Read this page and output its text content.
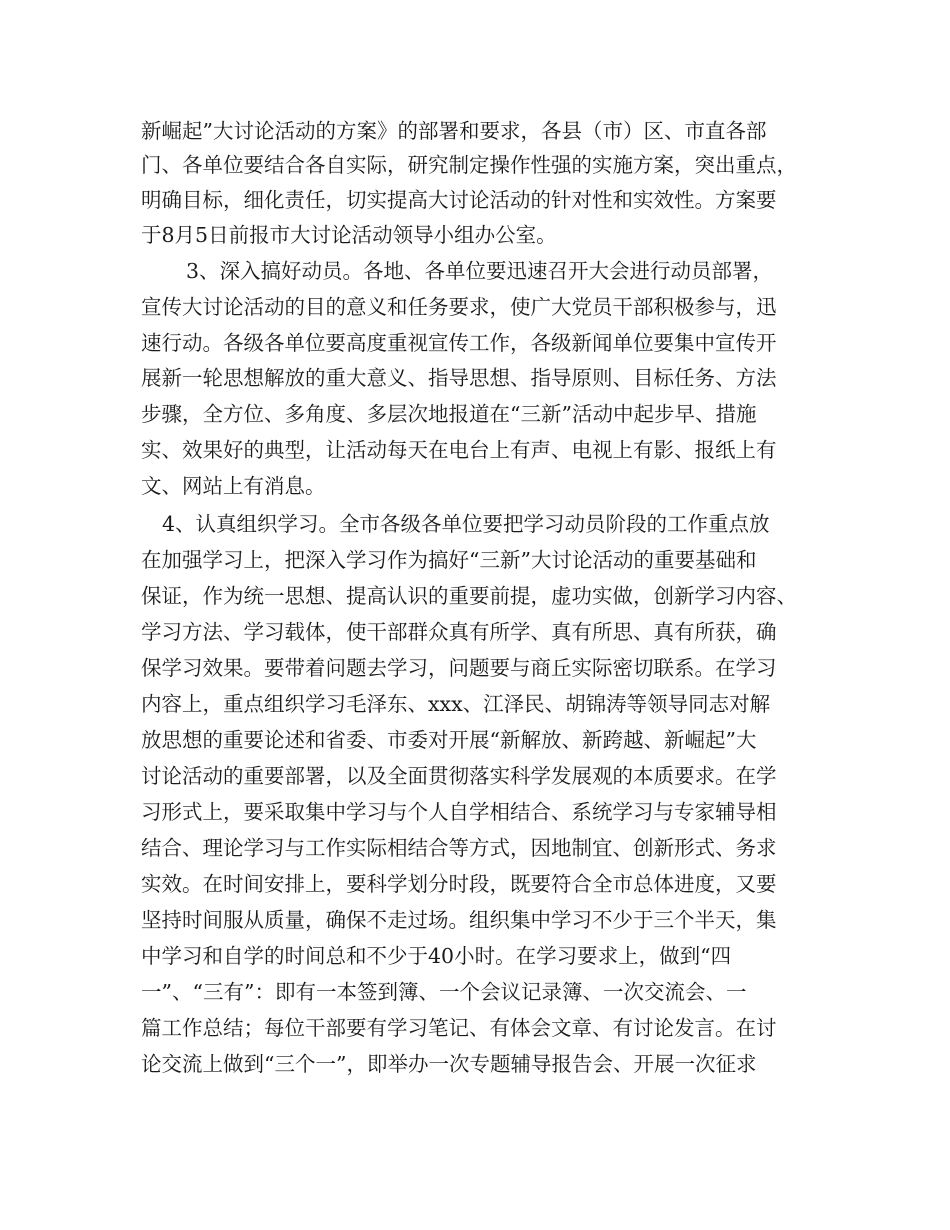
新崛起”大讨论活动的方案》的部署和要求，各县（市）区、市直各部
门、各单位要结合各自实际，研究制定操作性强的实施方案，突出重点，
明确目标，细化责任，切实提高大讨论活动的针对性和实效性。方案要
于8月5日前报市大讨论活动领导小组办公室。
3、深入搞好动员。各地、各单位要迅速召开大会进行动员部署，
宣传大讨论活动的目的意义和任务要求，使广大党员干部积极参与，迅
速行动。各级各单位要高度重视宣传工作，各级新闻单位要集中宣传开
展新一轮思想解放的重大意义、指导思想、指导原则、目标任务、方法
步骤，全方位、多角度、多层次地报道在“三新”活动中起步早、措施
实、效果好的典型，让活动每天在电台上有声、电视上有影、报纸上有
文、网站上有消息。
4、认真组织学习。全市各级各单位要把学习动员阶段的工作重点放
在加强学习上，把深入学习作为搞好“三新”大讨论活动的重要基础和
保证，作为统一思想、提高认识的重要前提，虚功实做，创新学习内容、
学习方法、学习载体，使干部群众真有所学、真有所思、真有所获，确
保学习效果。要带着问题去学习，问题要与商丘实际密切联系。在学习
内容上，重点组织学习毛泽东、xxx、江泽民、胡锦涛等领导同志对解
放思想的重要论述和省委、市委对开展“新解放、新跨越、新崛起”大
讨论活动的重要部署，以及全面贯彻落实科学发展观的本质要求。在学
习形式上，要采取集中学习与个人自学相结合、系统学习与专家辅导相
结合、理论学习与工作实际相结合等方式，因地制宜、创新形式、务求
实效。在时间安排上，要科学划分时段，既要符合全市总体进度，又要
坚持时间服从质量，确保不走过场。组织集中学习不少于三个半天，集
中学习和自学的时间总和不少于40小时。在学习要求上，做到“四
一”、“三有”：即有一本签到簿、一个会议记录簿、一次交流会、一
篇工作总结；每位干部要有学习笔记、有体会文章、有讨论发言。在讨
论交流上做到“三个一”，即举办一次专题辅导报告会、开展一次征求
